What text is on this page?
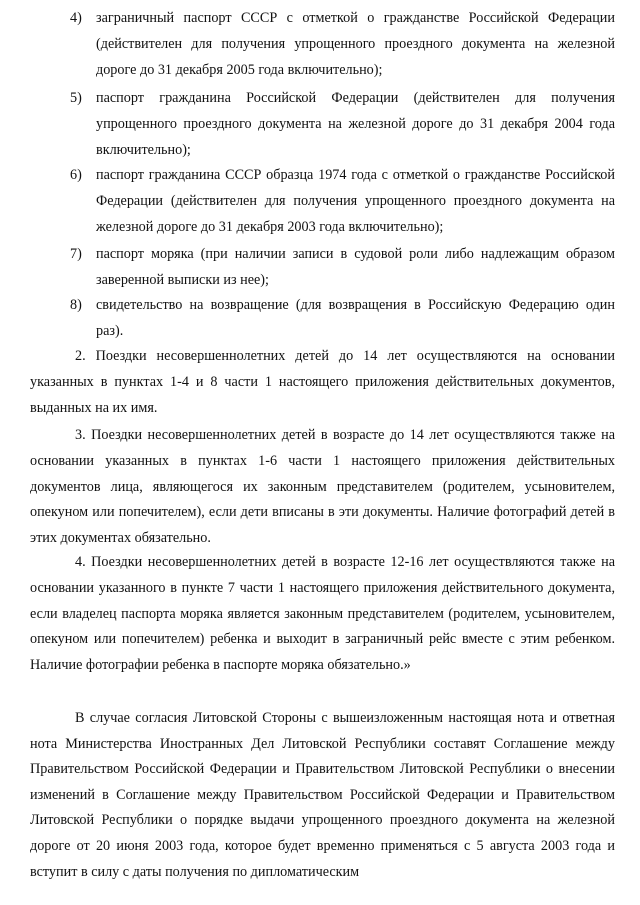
4) заграничный паспорт СССР с отметкой о гражданстве Российской Федерации (действителен для получения упрощенного проездного документа на железной дороге до 31 декабря 2005 года включительно);
5) паспорт гражданина Российской Федерации (действителен для получения упрощенного проездного документа на железной дороге до 31 декабря 2004 года включительно);
6) паспорт гражданина СССР образца 1974 года с отметкой о гражданстве Российской Федерации (действителен для получения упрощенного проездного документа на железной дороге до 31 декабря 2003 года включительно);
7) паспорт моряка (при наличии записи в судовой роли либо надлежащим образом заверенной выписки из нее);
8) свидетельство на возвращение (для возвращения в Российскую Федерацию один раз).

2. Поездки несовершеннолетних детей до 14 лет осуществляются на основании указанных в пунктах 1-4 и 8 части 1 настоящего приложения действительных документов, выданных на их имя.

3. Поездки несовершеннолетних детей в возрасте до 14 лет осуществляются также на основании указанных в пунктах 1-6 части 1 настоящего приложения действительных документов лица, являющегося их законным представителем (родителем, усыновителем, опекуном или попечителем), если дети вписаны в эти документы. Наличие фотографий детей в этих документах обязательно.

4. Поездки несовершеннолетних детей в возрасте 12-16 лет осуществляются также на основании указанного в пункте 7 части 1 настоящего приложения действительного документа, если владелец паспорта моряка является законным представителем (родителем, усыновителем, опекуном или попечителем) ребенка и выходит в заграничный рейс вместе с этим ребенком. Наличие фотографии ребенка в паспорте моряка обязательно.»

В случае согласия Литовской Стороны с вышеизложенным настоящая нота и ответная нота Министерства Иностранных Дел Литовской Республики составят Соглашение между Правительством Российской Федерации и Правительством Литовской Республики о внесении изменений в Соглашение между Правительством Российской Федерации и Правительством Литовской Республики о порядке выдачи упрощенного проездного документа на железной дороге от 20 июня 2003 года, которое будет временно применяться с 5 августа 2003 года и вступит в силу с даты получения по дипломатическим
